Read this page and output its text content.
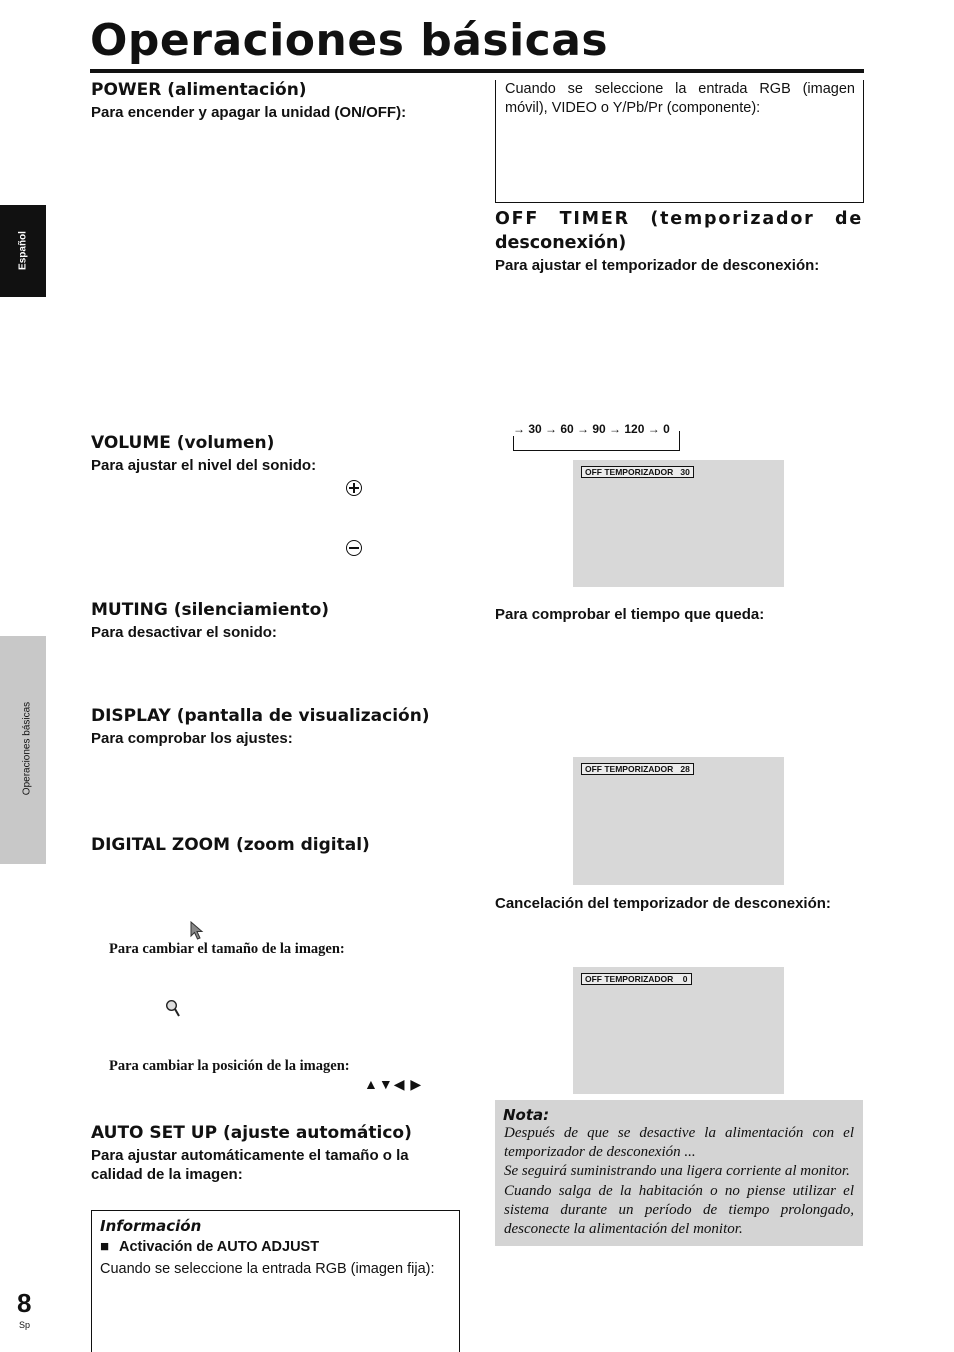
Operaciones básicas
Español
Operaciones básicas
POWER (alimentación)
Para encender y apagar la unidad (ON/OFF):
VOLUME (volumen)
Para ajustar el nivel del sonido:
MUTING (silenciamiento)
Para desactivar el sonido:
DISPLAY (pantalla de visualización)
Para comprobar los ajustes:
DIGITAL ZOOM (zoom digital)
Para cambiar el tamaño de la imagen:
Para cambiar la posición de la imagen:
▲▼◀ ▶
AUTO SET UP (ajuste automático)
Para ajustar automáticamente el tamaño o la
calidad de la imagen:
Información
■ Activación de AUTO ADJUST
Cuando se seleccione la entrada RGB (imagen fija):
8
Sp
Cuando se seleccione la entrada RGB (imagen
móvil), VIDEO o Y/Pb/Pr (componente):
OFF TIMER (temporizador de
desconexión)
Para ajustar el temporizador de desconexión:
→ 30 → 60 → 90 → 120 → 0
OFF TEMPORIZADOR 30
Para comprobar el tiempo que queda:
OFF TEMPORIZADOR 28
Cancelación del temporizador de desconexión:
OFF TEMPORIZADOR 0
Nota:
Después de que se desactive la alimentación con el
temporizador de desconexión ...
Se seguirá suministrando una ligera corriente al monitor.
Cuando salga de la habitación o no piense utilizar el
sistema durante un período de tiempo prolongado,
desconecte la alimentación del monitor.
